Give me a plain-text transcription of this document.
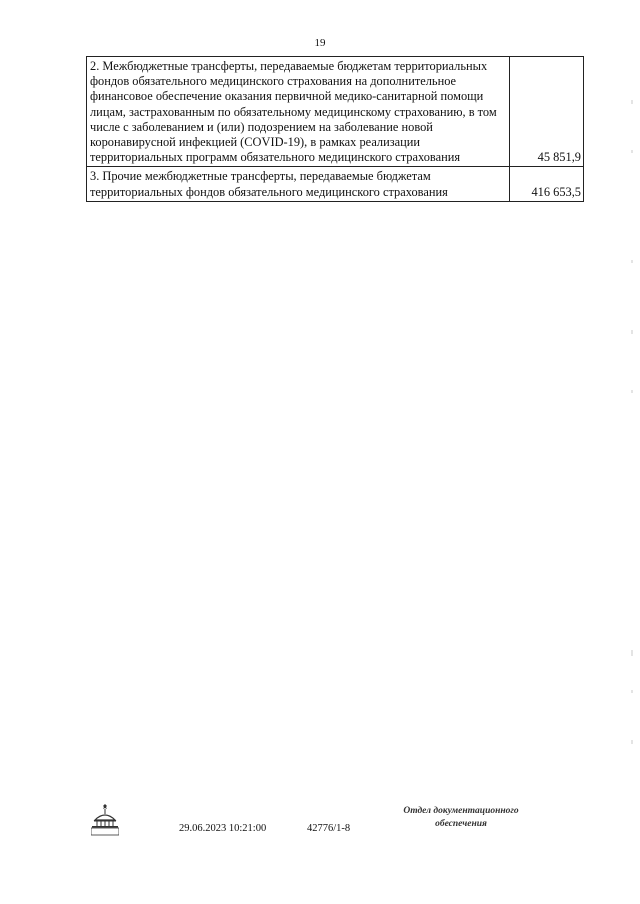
19
2. Межбюджетные трансферты, передаваемые бюджетам территориальных фондов обязательного медицинского страхования на дополнительное финансовое обеспечение оказания первичной медико-санитарной помощи лицам, застрахованным по обязательному медицинскому страхованию, в том числе с заболеванием и (или) подозрением на заболевание новой коронавирусной инфекцией (COVID-19), в рамках реализации территориальных программ обязательного медицинского страхования	45 851,9
3. Прочие межбюджетные трансферты, передаваемые бюджетам территориальных фондов обязательного медицинского страхования	416 653,5
29.06.2023 10:21:00	42776/1-8
Отдел документационного
обеспечения
